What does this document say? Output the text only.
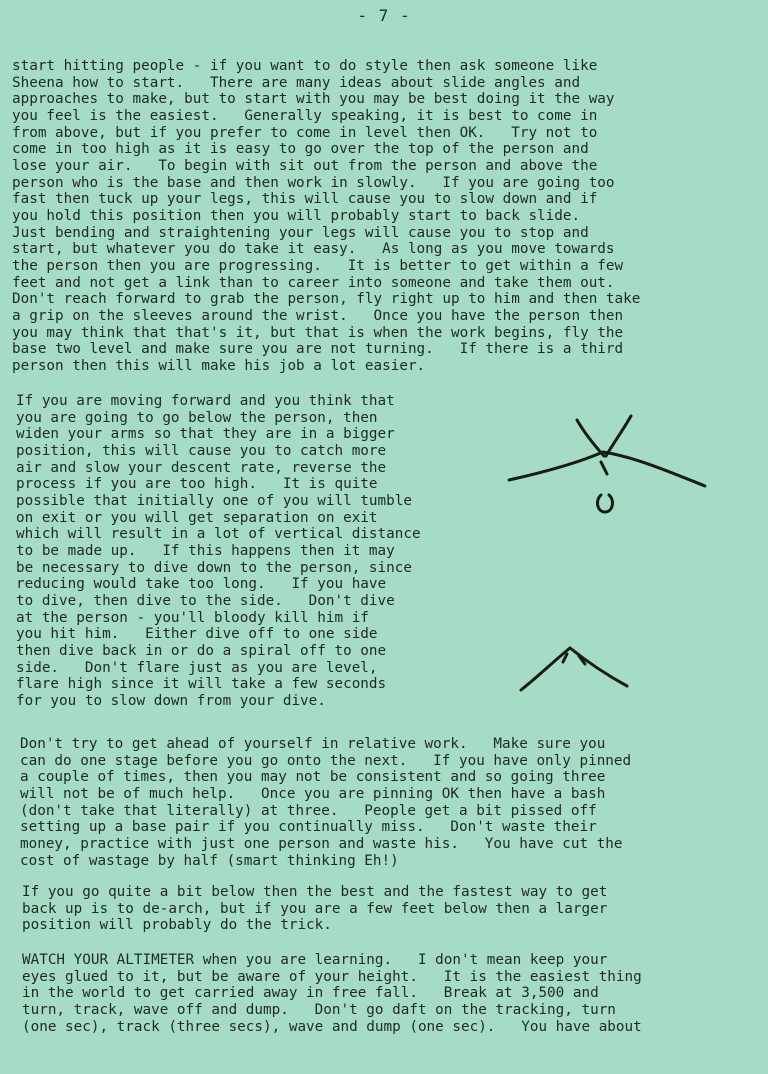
- 7 -
start hitting people - if you want to do style then ask someone like
Sheena how to start.   There are many ideas about slide angles and
approaches to make, but to start with you may be best doing it the way
you feel is the easiest.   Generally speaking, it is best to come in
from above, but if you prefer to come in level then OK.   Try not to
come in too high as it is easy to go over the top of the person and
lose your air.   To begin with sit out from the person and above the
person who is the base and then work in slowly.   If you are going too
fast then tuck up your legs, this will cause you to slow down and if
you hold this position then you will probably start to back slide.
Just bending and straightening your legs will cause you to stop and
start, but whatever you do take it easy.   As long as you move towards
the person then you are progressing.   It is better to get within a few
feet and not get a link than to career into someone and take them out.
Don't reach forward to grab the person, fly right up to him and then take
a grip on the sleeves around the wrist.   Once you have the person then
you may think that that's it, but that is when the work begins, fly the
base two level and make sure you are not turning.   If there is a third
person then this will make his job a lot easier.
If you are moving forward and you think that
you are going to go below the person, then
widen your arms so that they are in a bigger
position, this will cause you to catch more
air and slow your descent rate, reverse the
process if you are too high.   It is quite
possible that initially one of you will tumble
on exit or you will get separation on exit
which will result in a lot of vertical distance
to be made up.   If this happens then it may
be necessary to dive down to the person, since
reducing would take too long.   If you have
to dive, then dive to the side.   Don't dive
at the person - you'll bloody kill him if
you hit him.   Either dive off to one side
then dive back in or do a spiral off to one
side.   Don't flare just as you are level,
flare high since it will take a few seconds
for you to slow down from your dive.
Don't try to get ahead of yourself in relative work.   Make sure you
can do one stage before you go onto the next.   If you have only pinned
a couple of times, then you may not be consistent and so going three
will not be of much help.   Once you are pinning OK then have a bash
(don't take that literally) at three.   People get a bit pissed off
setting up a base pair if you continually miss.   Don't waste their
money, practice with just one person and waste his.   You have cut the
cost of wastage by half (smart thinking Eh!)
If you go quite a bit below then the best and the fastest way to get
back up is to de-arch, but if you are a few feet below then a larger
position will probably do the trick.
WATCH YOUR ALTIMETER when you are learning.   I don't mean keep your
eyes glued to it, but be aware of your height.   It is the easiest thing
in the world to get carried away in free fall.   Break at 3,500 and
turn, track, wave off and dump.   Don't go daft on the tracking, turn
(one sec), track (three secs), wave and dump (one sec).   You have about
